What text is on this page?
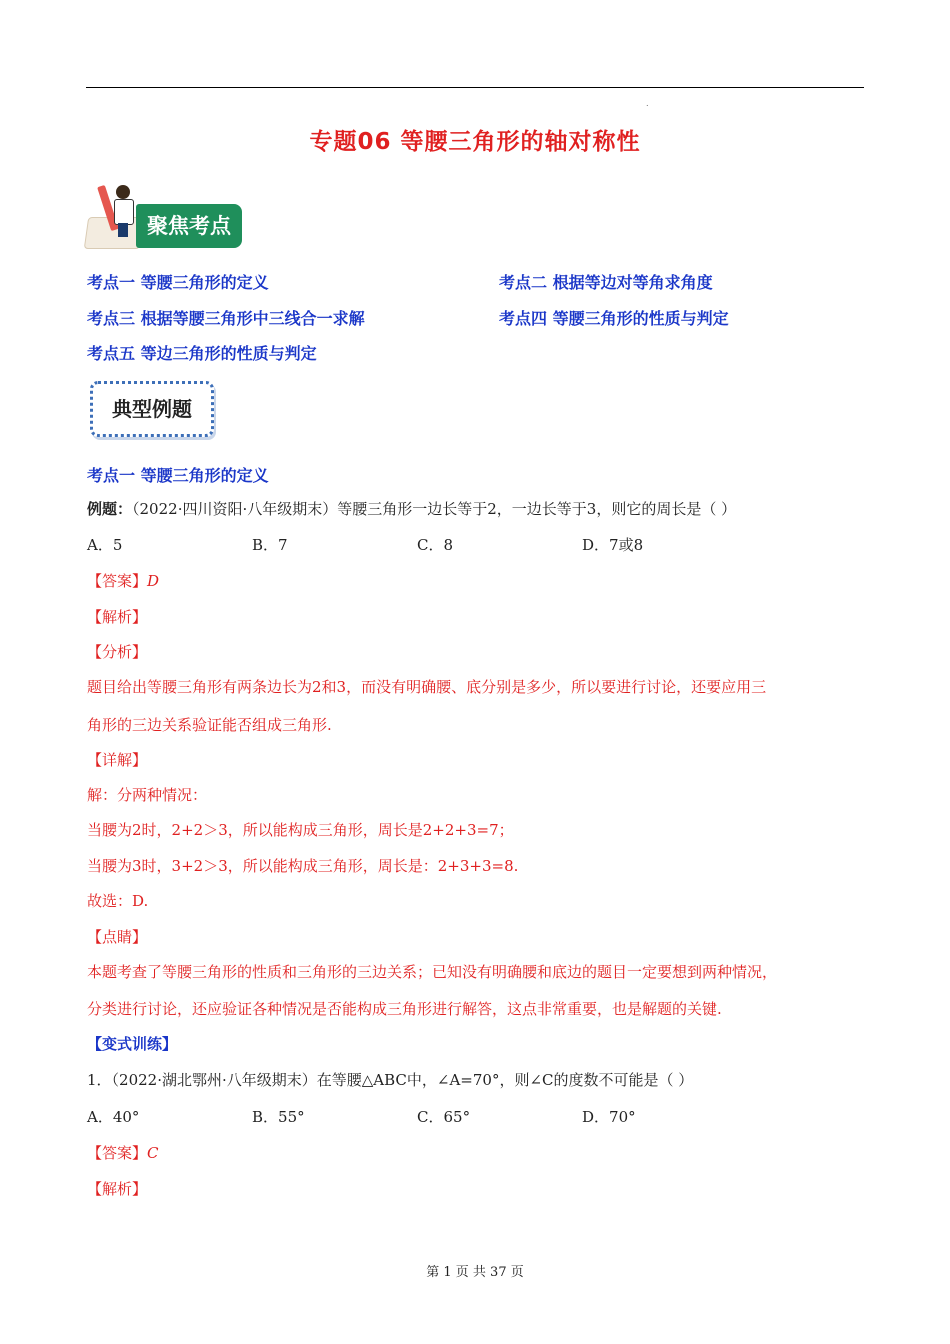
.
专题06 等腰三角形的轴对称性
聚焦考点
考点一 等腰三角形的定义	考点二 根据等边对等角求角度
考点三 根据等腰三角形中三线合一求解	考点四 等腰三角形的性质与判定
考点五 等边三角形的性质与判定
典型例题
考点一 等腰三角形的定义
例题：（2022·四川资阳·八年级期末）等腰三角形一边长等于2，一边长等于3，则它的周长是（ ）
A．5	B．7	C．8	D．7或8
【答案】D
【解析】
【分析】
题目给出等腰三角形有两条边长为2和3，而没有明确腰、底分别是多少，所以要进行讨论，还要应用三
角形的三边关系验证能否组成三角形.
【详解】
解：分两种情况：
当腰为2时，2+2＞3，所以能构成三角形，周长是2+2+3=7；
当腰为3时，3+2＞3，所以能构成三角形，周长是：2+3+3=8.
故选：D.
【点睛】
本题考查了等腰三角形的性质和三角形的三边关系；已知没有明确腰和底边的题目一定要想到两种情况，
分类进行讨论，还应验证各种情况是否能构成三角形进行解答，这点非常重要，也是解题的关键.
【变式训练】
1．（2022·湖北鄂州·八年级期末）在等腰△ABC中，∠A=70°，则∠C的度数不可能是（ ）
A．40°	B．55°	C．65°	D．70°
【答案】C
【解析】
第 1 页 共 37 页
